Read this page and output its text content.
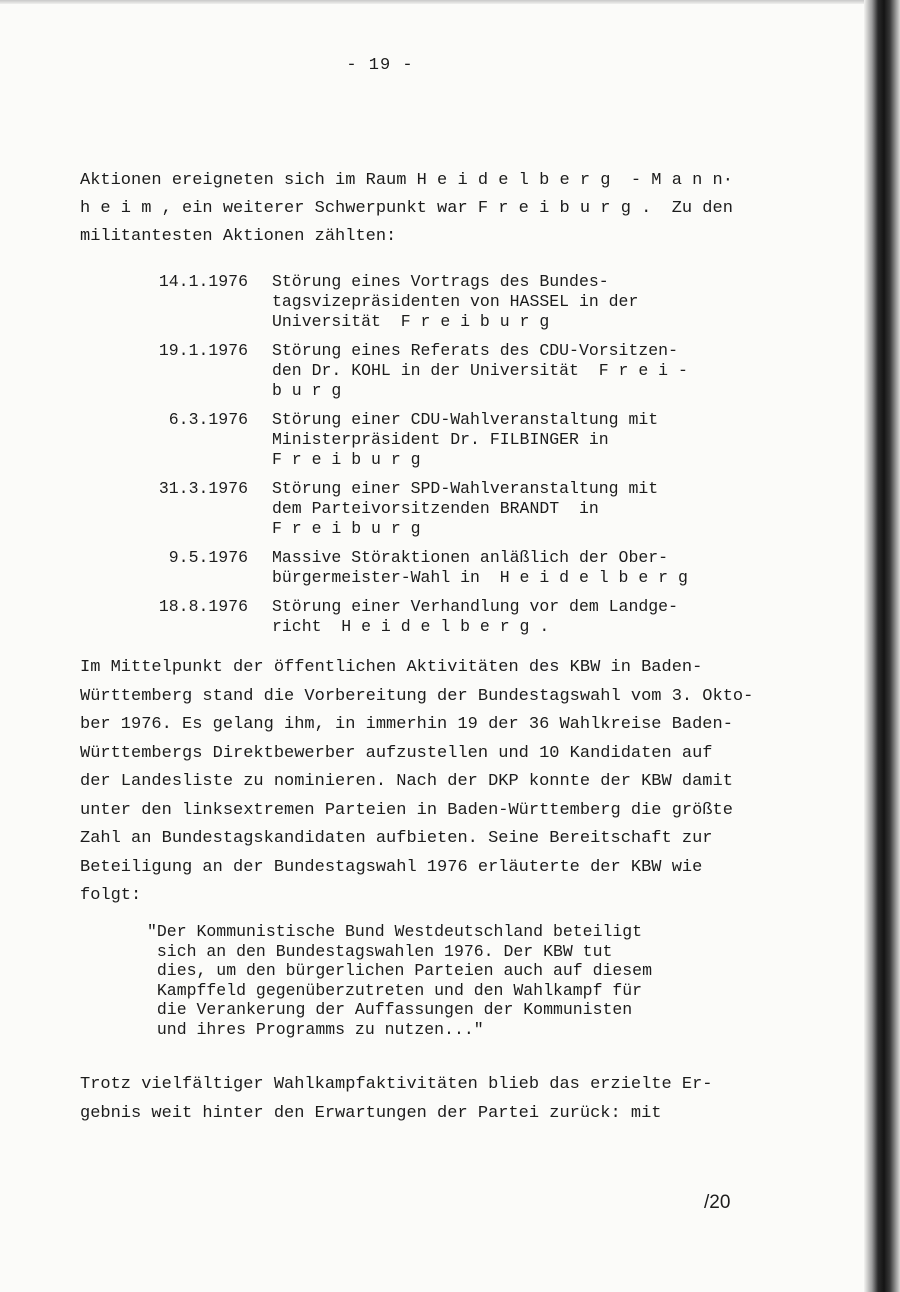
- 19 -
Aktionen ereigneten sich im Raum H e i d e l b e r g  - M a n n·
h e i m , ein weiterer Schwerpunkt war F r e i b u r g .  Zu den
militantesten Aktionen zählten:
14.1.1976 Störung eines Vortrags des Bundes-
tagsvizepräsidenten von HASSEL in der
Universität  F r e i b u r g
19.1.1976 Störung eines Referats des CDU-Vorsitzen-
den Dr. KOHL in der Universität  F r e i -
b u r g
6.3.1976 Störung einer CDU-Wahlveranstaltung mit
Ministerpräsident Dr. FILBINGER in
F r e i b u r g
31.3.1976 Störung einer SPD-Wahlveranstaltung mit
dem Parteivorsitzenden BRANDT  in
F r e i b u r g
9.5.1976 Massive Störaktionen anläßlich der Ober-
bürgermeister-Wahl in  H e i d e l b e r g
18.8.1976 Störung einer Verhandlung vor dem Landge-
richt  H e i d e l b e r g .
Im Mittelpunkt der öffentlichen Aktivitäten des KBW in Baden-
Württemberg stand die Vorbereitung der Bundestagswahl vom 3. Okto-
ber 1976. Es gelang ihm, in immerhin 19 der 36 Wahlkreise Baden-
Württembergs Direktbewerber aufzustellen und 10 Kandidaten auf
der Landesliste zu nominieren. Nach der DKP konnte der KBW damit
unter den linksextremen Parteien in Baden-Württemberg die größte
Zahl an Bundestagskandidaten aufbieten. Seine Bereitschaft zur
Beteiligung an der Bundestagswahl 1976 erläuterte der KBW wie
folgt:
"Der Kommunistische Bund Westdeutschland beteiligt
sich an den Bundestagswahlen 1976. Der KBW tut
dies, um den bürgerlichen Parteien auch auf diesem
Kampffeld gegenüberzutreten und den Wahlkampf für
die Verankerung der Auffassungen der Kommunisten
und ihres Programms zu nutzen..."
Trotz vielfältiger Wahlkampfaktivitäten blieb das erzielte Er-
gebnis weit hinter den Erwartungen der Partei zurück: mit
/20
